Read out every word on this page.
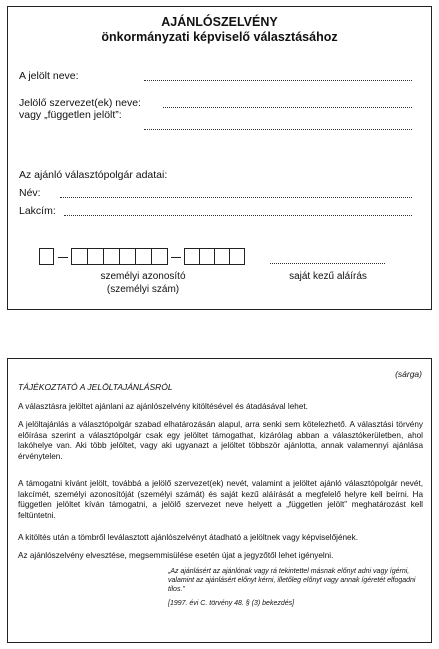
AJÁNLÓSZELVÉNY
önkormányzati képviselő választásához
A jelölt neve:
Jelölő szervezet(ek) neve:
vagy „független jelölt”:
Az ajánló választópolgár adatai:
Név:
Lakcím:
személyi azonosító
(személyi szám)
saját kezű aláírás
(sárga)
TÁJÉKOZTATÓ A JELÖLTAJÁNLÁSRÓL
A választásra jelöltet ajánlani az ajánlószelvény kitöltésével és átadásával lehet.
A jelöltajánlás a választópolgár szabad elhatározásán alapul, arra senki sem kötelezhető. A választási törvény előírása szerint a választópolgár csak egy jelöltet támogathat, kizárólag abban a választókerületben, ahol lakóhelye van. Aki több jelöltet, vagy aki ugyanazt a jelöltet többször ajánlotta, annak valamennyi ajánlása érvénytelen.
A támogatni kívánt jelölt, továbbá a jelölő szervezet(ek) nevét, valamint a jelöltet ajánló választópolgár nevét, lakcímét, személyi azonosítóját (személyi számát) és saját kezű aláírását a megfelelő helyre kell beírni. Ha független jelöltet kíván támogatni, a jelölő szervezet neve helyett a „független jelölt” meghatározást kell feltüntetni.
A kitöltés után a tömbről leválasztott ajánlószelvényt átadható a jelöltnek vagy képviselőjének.
Az ajánlószelvény elvesztése, megsemmisülése esetén újat a jegyzőtől lehet igényelni.
„Az ajánlásért az ajánlónak vagy rá tekintettel másnak előnyt adni vagy ígérni, valamint az ajánlásért előnyt kérni, illetőleg előnyt vagy annak ígéretét elfogadni tilos.”
[1997. évi C. törvény 48. § (3) bekezdés]
